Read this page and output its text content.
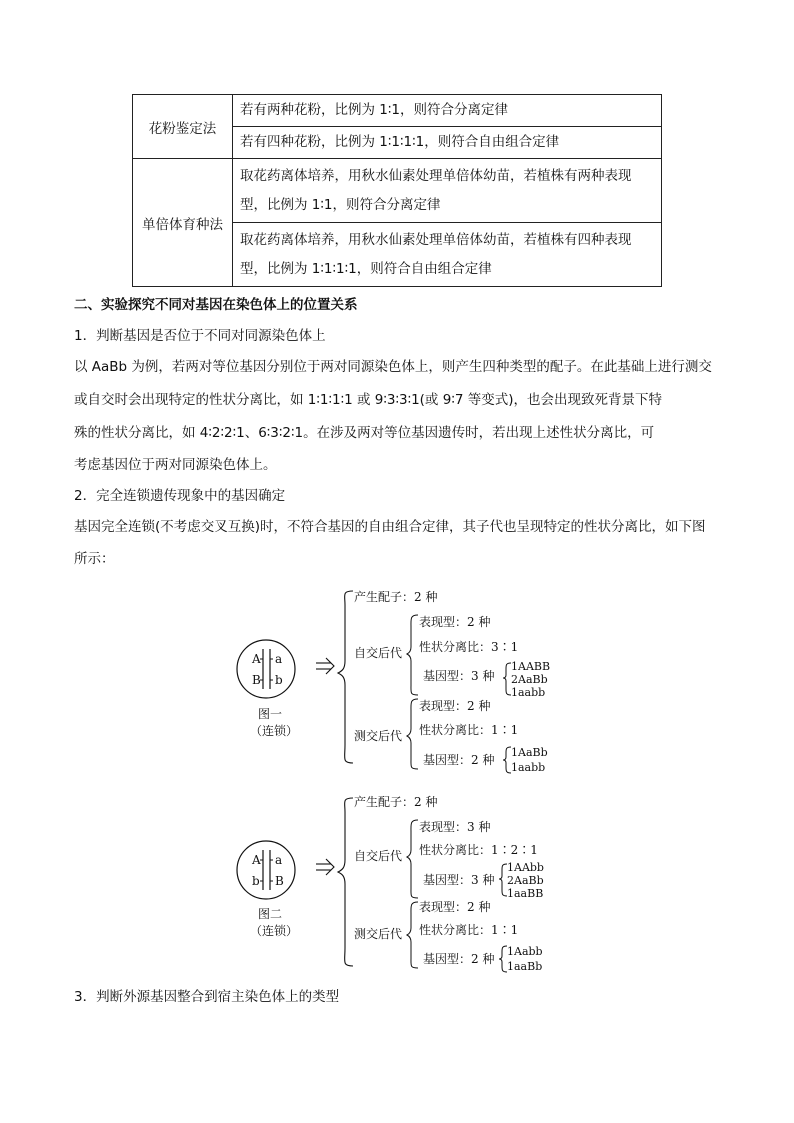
花粉鉴定法	若有两种花粉，比例为 1∶1，则符合分离定律
	若有四种花粉，比例为 1∶1∶1∶1，则符合自由组合定律
单倍体育种法	取花药离体培养，用秋水仙素处理单倍体幼苗，若植株有两种表现
型，比例为 1∶1，则符合分离定律
	取花药离体培养，用秋水仙素处理单倍体幼苗，若植株有四种表现
型，比例为 1∶1∶1∶1，则符合自由组合定律
二、实验探究不同对基因在染色体上的位置关系
1．判断基因是否位于不同对同源染色体上
以 AaBb 为例，若两对等位基因分别位于两对同源染色体上，则产生四种类型的配子。在此基础上进行测交
或自交时会出现特定的性状分离比，如 1∶1∶1∶1 或 9∶3∶3∶1(或 9∶7 等变式)，也会出现致死背景下特
殊的性状分离比，如 4∶2∶2∶1、6∶3∶2∶1。在涉及两对等位基因遗传时，若出现上述性状分离比，可
考虑基因位于两对同源染色体上。
2．完全连锁遗传现象中的基因确定
基因完全连锁(不考虑交叉互换)时，不符合基因的自由组合定律，其子代也呈现特定的性状分离比，如下图
所示：
3．判断外源基因整合到宿主染色体上的类型
A a
B b
图一
（连锁）
产生配子：2 种
自交后代
表现型：2 种
性状分离比：3∶1
基因型：3 种
1AABB
2AaBb
1aabb
测交后代
表现型：2 种
性状分离比：1∶1
基因型：2 种
1AaBb
1aabb
A a
b B
图二
（连锁）
产生配子：2 种
自交后代
表现型：3 种
性状分离比：1∶2∶1
基因型：3 种
1AAbb
2AaBb
1aaBB
测交后代
表现型：2 种
性状分离比：1∶1
基因型：2 种
1Aabb
1aaBb
